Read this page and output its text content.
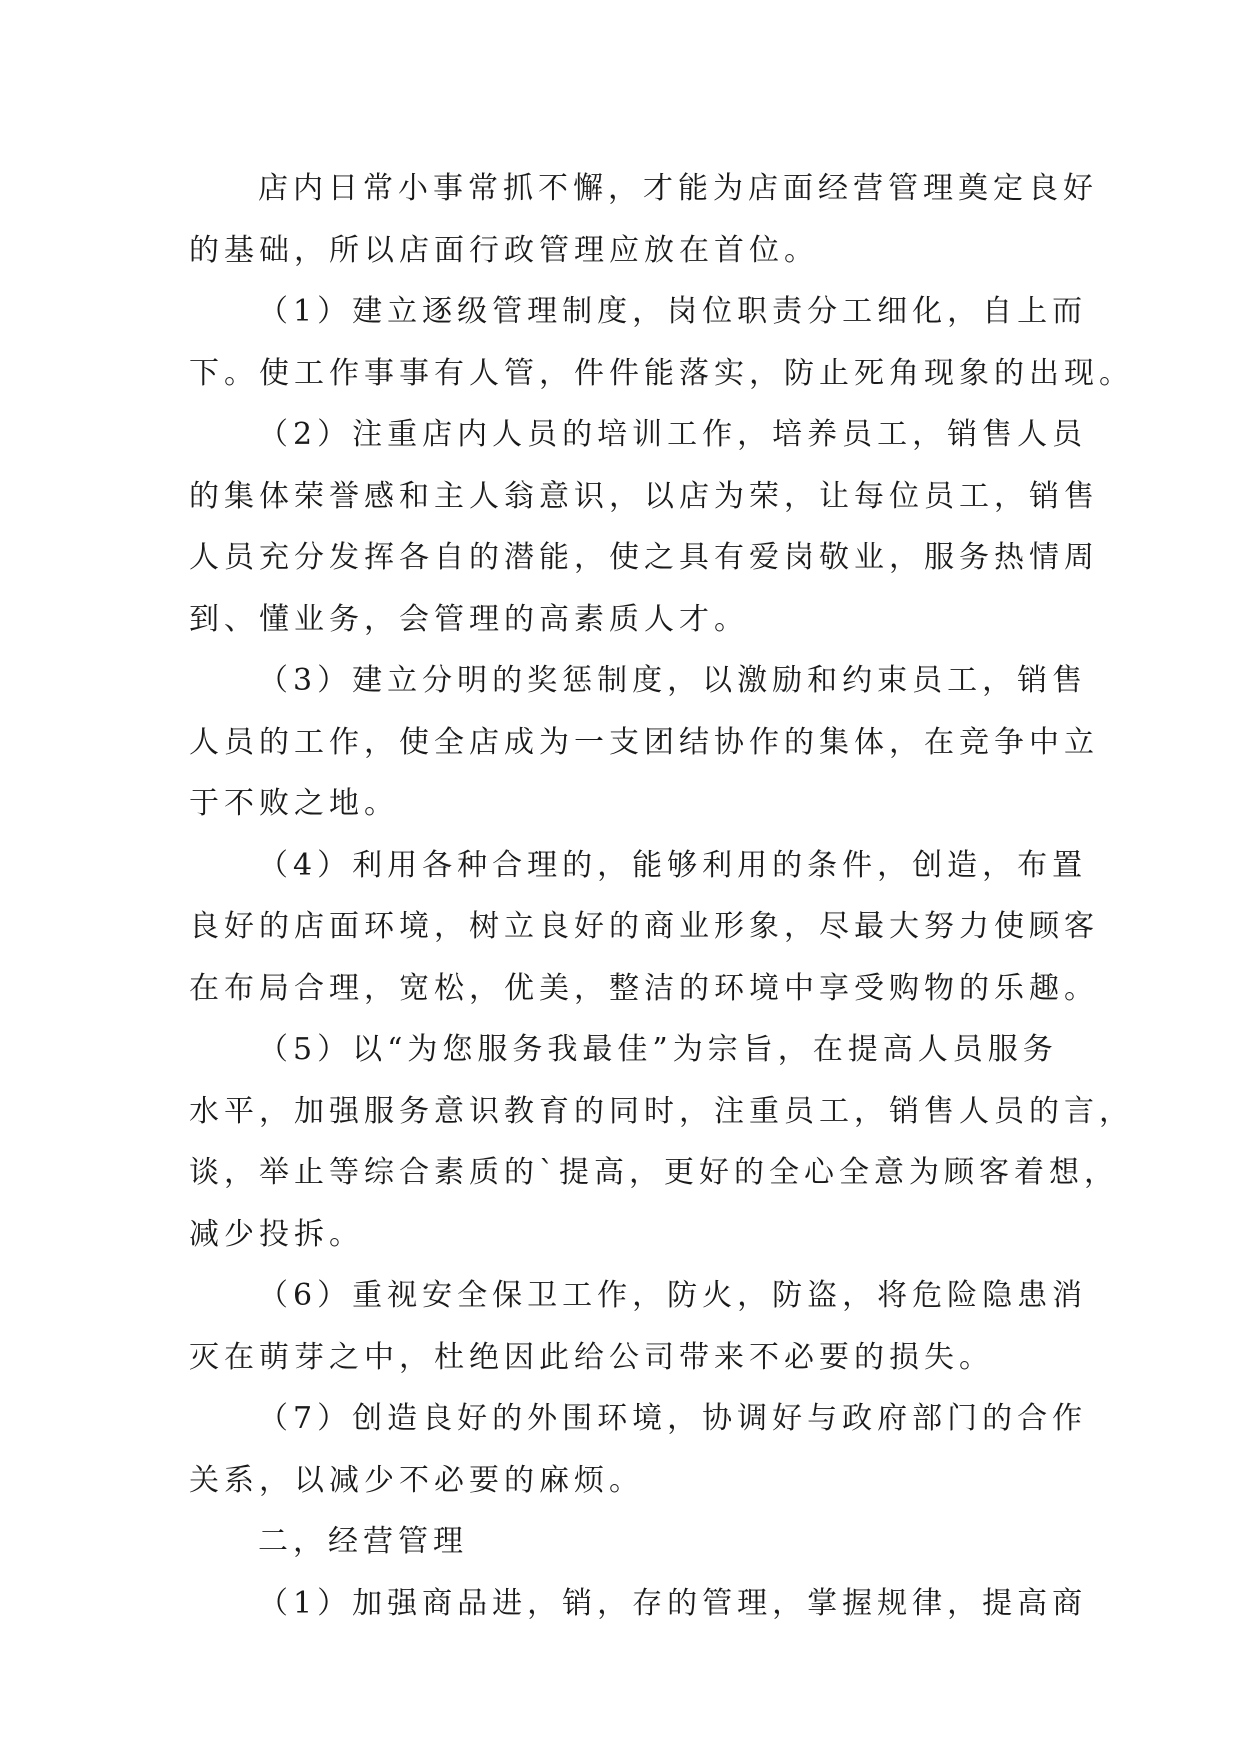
店内日常小事常抓不懈，才能为店面经营管理奠定良好
的基础，所以店面行政管理应放在首位。
（1）建立逐级管理制度，岗位职责分工细化，自上而
下。使工作事事有人管，件件能落实，防止死角现象的出现。
（2）注重店内人员的培训工作，培养员工，销售人员
的集体荣誉感和主人翁意识，以店为荣，让每位员工，销售
人员充分发挥各自的潜能，使之具有爱岗敬业，服务热情周
到、懂业务，会管理的高素质人才。
（3）建立分明的奖惩制度，以激励和约束员工，销售
人员的工作，使全店成为一支团结协作的集体，在竞争中立
于不败之地。
（4）利用各种合理的，能够利用的条件，创造，布置
良好的店面环境，树立良好的商业形象，尽最大努力使顾客
在布局合理，宽松，优美，整洁的环境中享受购物的乐趣。
（5）以“为您服务我最佳”为宗旨，在提高人员服务
水平，加强服务意识教育的同时，注重员工，销售人员的言，
谈，举止等综合素质的`提高，更好的全心全意为顾客着想，
减少投拆。
（6）重视安全保卫工作，防火，防盗，将危险隐患消
灭在萌芽之中，杜绝因此给公司带来不必要的损失。
（7）创造良好的外围环境，协调好与政府部门的合作
关系，以减少不必要的麻烦。
二，经营管理
（1）加强商品进，销，存的管理，掌握规律，提高商
